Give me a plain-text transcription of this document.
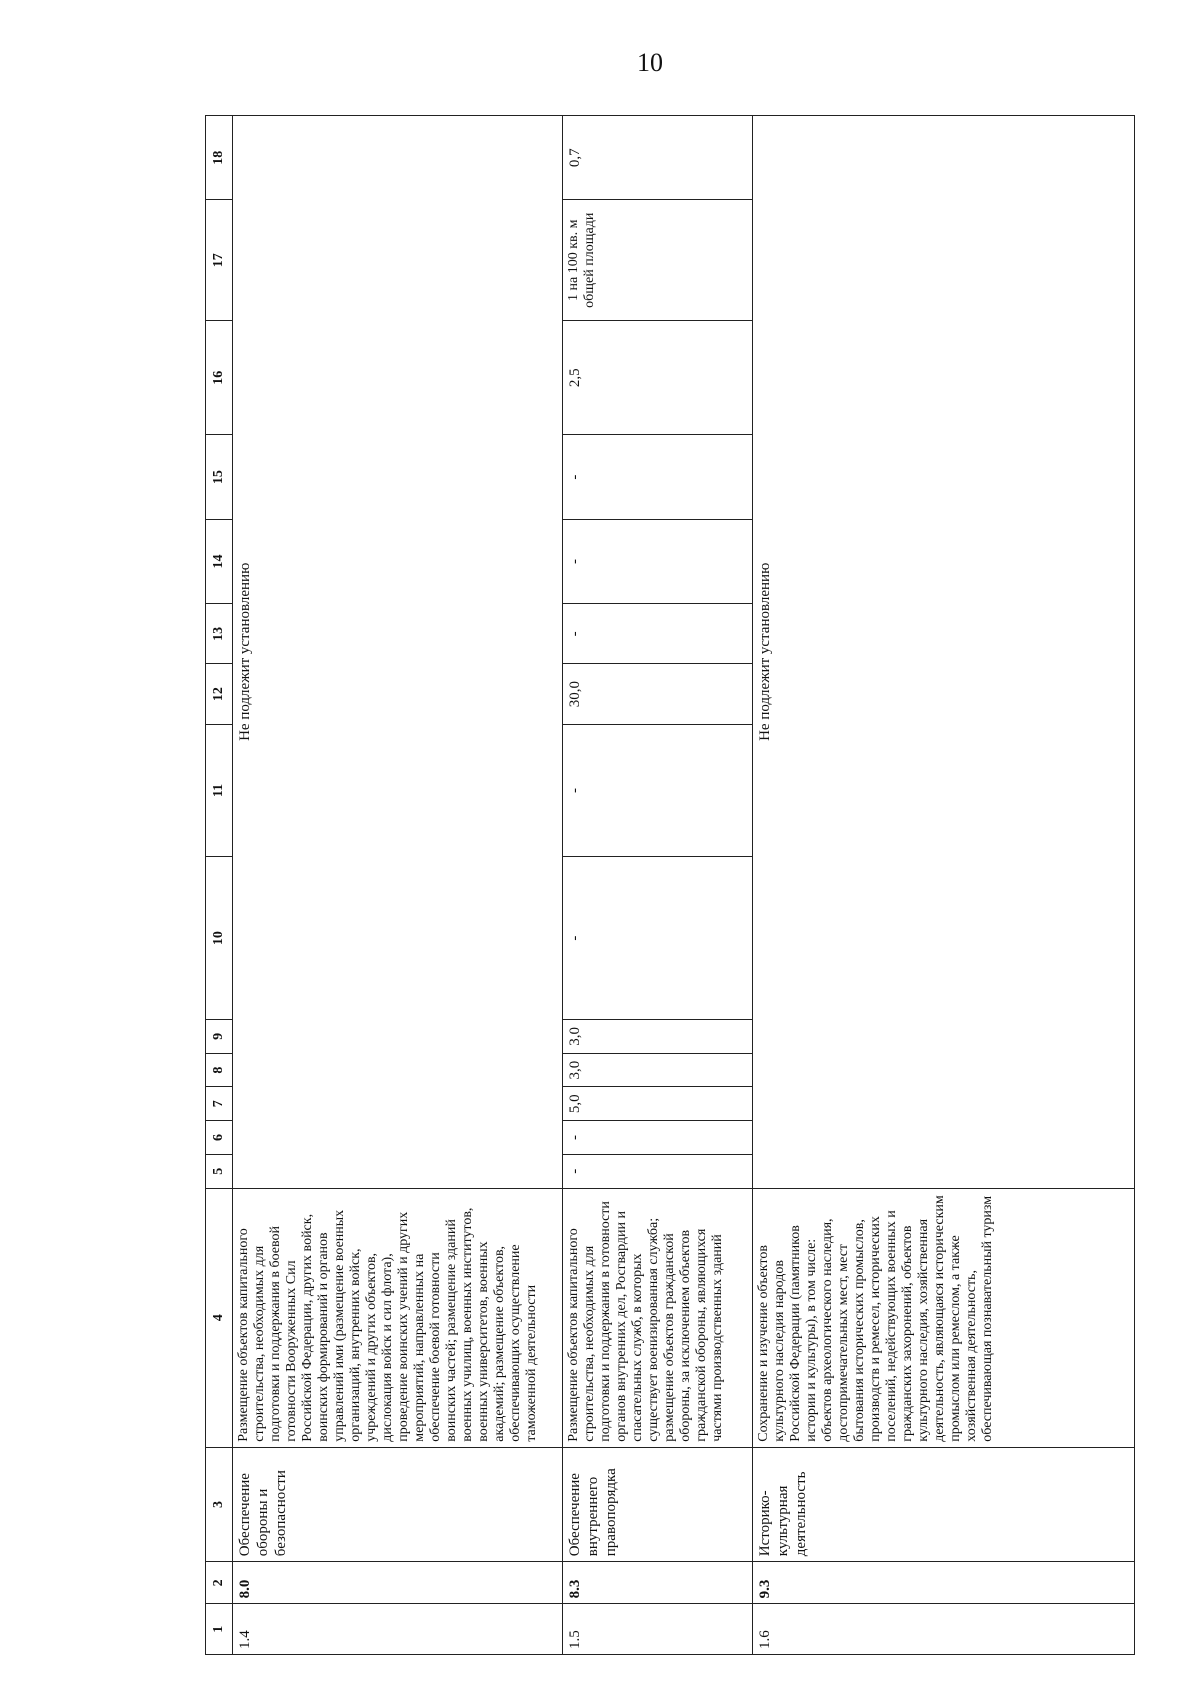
10
1	2	3	4	5	6	7	8	9	10	11	12	13	14	15	16	17	18
1.4	8.0	Обеспечение обороны и безопасности	Размещение объектов капитального строительства, необходимых для подготовки и поддержания в боевой готовности Вооруженных Сил Российской Федерации, других войск, воинских формирований и органов управлений ими (размещение военных организаций, внутренних войск, учреждений и других объектов, дислокация войск и сил флота), проведение воинских учений и других мероприятий, направленных на обеспечение боевой готовности воинских частей; размещение зданий военных училищ, военных институтов, военных университетов, военных академий; размещение объектов, обеспечивающих осуществление таможенной деятельности	Не подлежит установлению													
1.5	8.3	Обеспечение внутреннего правопорядка	Размещение объектов капитального строительства, необходимых для подготовки и поддержания в готовности органов внутренних дел, Росгвардии и спасательных служб, в которых существует военизированная служба; размещение объектов гражданской обороны, за исключением объектов гражданской обороны, являющихся частями производственных зданий	-	-	5,0	3,0	3,0	-	-	30,0	-	-	-	2,5	1 на 100 кв. м общей площади	0,7
1.6	9.3	Историко-культурная деятельность	Сохранение и изучение объектов культурного наследия народов Российской Федерации (памятников истории и культуры), в том числе: объектов археологического наследия, достопримечательных мест, мест бытования исторических промыслов, производств и ремесел, исторических поселений, недействующих военных и гражданских захоронений, объектов культурного наследия, хозяйственная деятельность, являющаяся историческим промыслом или ремеслом, а также хозяйственная деятельность, обеспечивающая познавательный туризм	Не подлежит установлению													
